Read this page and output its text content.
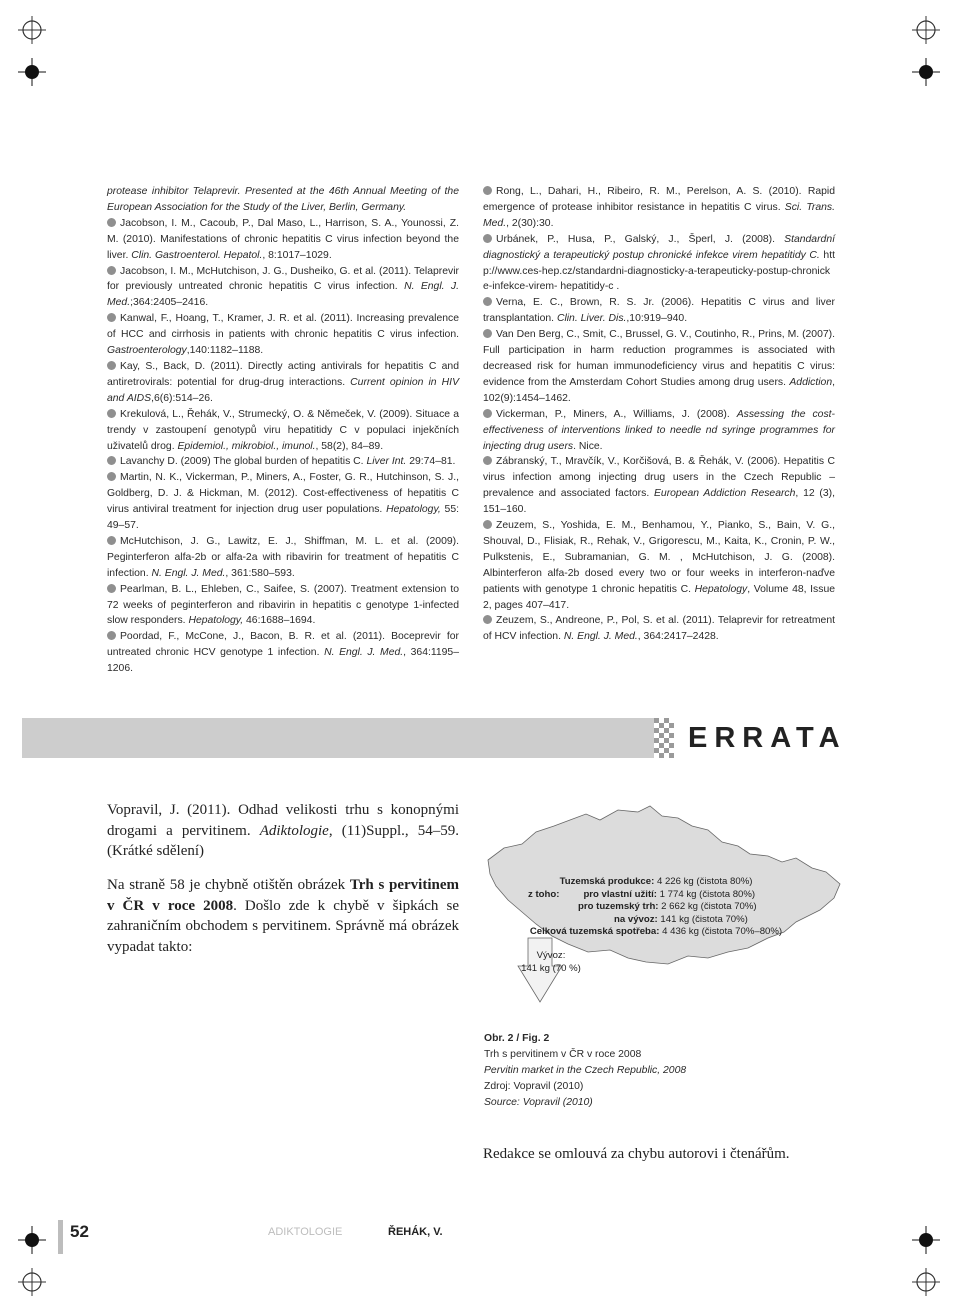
protease inhibitor Telaprevir. Presented at the 46th Annual Meeting of the European Association for the Study of the Liver, Berlin, Germany.

Jacobson, I. M., Cacoub, P., Dal Maso, L., Harrison, S. A., Younossi, Z. M. (2010). Manifestations of chronic hepatitis C virus infection beyond the liver. Clin. Gastroenterol. Hepatol., 8:1017–1029.

Jacobson, I. M., McHutchison, J. G., Dusheiko, G. et al. (2011). Telaprevir for previously untreated chronic hepatitis C virus infection. N. Engl. J. Med.;364:2405–2416.

Kanwal, F., Hoang, T., Kramer, J. R. et al. (2011). Increasing prevalence of HCC and cirrhosis in patients with chronic hepatitis C virus infection. Gastroenterology,140:1182–1188.

Kay, S., Back, D. (2011). Directly acting antivirals for hepatitis C and antiretrovirals: potential for drug-drug interactions. Current opinion in HIV and AIDS,6(6):514–26.

Krekulová, L., Řehák, V., Strumecký, O. & Němeček, V. (2009). Situace a trendy v zastoupení genotypů viru hepatitidy C v populaci injekčních uživatelů drog. Epidemiol., mikrobiol., imunol., 58(2), 84–89.

Lavanchy D. (2009) The global burden of hepatitis C. Liver Int. 29:74–81.

Martin, N. K., Vickerman, P., Miners, A., Foster, G. R., Hutchinson, S. J., Goldberg, D. J. & Hickman, M. (2012). Cost-effectiveness of hepatitis C virus antiviral treatment for injection drug user populations. Hepatology, 55: 49–57.

McHutchison, J. G., Lawitz, E. J., Shiffman, M. L. et al. (2009). Peginterferon alfa-2b or alfa-2a with ribavirin for treatment of hepatitis C infection. N. Engl. J. Med., 361:580–593.

Pearlman, B. L., Ehleben, C., Saifee, S. (2007). Treatment extension to 72 weeks of peginterferon and ribavirin in hepatitis c genotype 1-infected slow responders. Hepatology, 46:1688–1694.

Poordad, F., McCone, J., Bacon, B. R. et al. (2011). Boceprevir for untreated chronic HCV genotype 1 infection. N. Engl. J. Med., 364:1195–1206.

Rong, L., Dahari, H., Ribeiro, R. M., Perelson, A. S. (2010). Rapid emergence of protease inhibitor resistance in hepatitis C virus. Sci. Trans. Med., 2(30):30.

Urbánek, P., Husa, P., Galský, J., Šperl, J. (2008). Standardní diagnostický a terapeutický postup chronické infekce virem hepatitidy C. http://www.ces-hep.cz/standardni-diagnosticky-a-terapeuticky-postup-chronicke-infekce-virem- hepatitidy-c .

Verna, E. C., Brown, R. S. Jr. (2006). Hepatitis C virus and liver transplantation. Clin. Liver. Dis.,10:919–940.

Van Den Berg, C., Smit, C., Brussel, G. V., Coutinho, R., Prins, M. (2007). Full participation in harm reduction programmes is associated with decreased risk for human immunodeficiency virus and hepatitis C virus: evidence from the Amsterdam Cohort Studies among drug users. Addiction, 102(9):1454–1462.

Vickerman, P., Miners, A., Williams, J. (2008). Assessing the cost-effectiveness of interventions linked to needle nd syringe programmes for injecting drug users. Nice.

Zábranský, T., Mravčík, V., Korčišová, B. & Řehák, V. (2006). Hepatitis C virus infection among injecting drug users in the Czech Republic – prevalence and associated factors. European Addiction Research, 12 (3), 151–160.

Zeuzem, S., Yoshida, E. M., Benhamou, Y., Pianko, S., Bain, V. G., Shouval, D., Flisiak, R., Rehak, V., Grigorescu, M., Kaita, K., Cronin, P. W., Pulkstenis, E., Subramanian, G. M. , McHutchison, J. G. (2008). Albinterferon alfa-2b dosed every two or four weeks in interferon-naďve patients with genotype 1 chronic hepatitis C. Hepatology, Volume 48, Issue 2, pages 407–417.

Zeuzem, S., Andreone, P., Pol, S. et al. (2011). Telaprevir for retreatment of HCV infection. N. Engl. J. Med., 364:2417–2428.

ERRATA
Vopravil, J. (2011). Odhad velikosti trhu s konopnými drogami a pervitinem. Adiktologie, (11)Suppl., 54–59. (Krátké sdělení)
Na straně 58 je chybně otištěn obrázek Trh s pervitinem v ČR v roce 2008. Došlo zde k chybě v šipkách se zahraničním obchodem s pervitinem. Správně má obrázek vypadat takto:
Tuzemská produkce: 4 226 kg (čistota 80%)
z toho:	pro vlastní užití: 1 774 kg (čistota 80%)
pro tuzemský trh: 2 662 kg (čistota 70%)
na vývoz: 141 kg (čistota 70%)
Celková tuzemská spotřeba: 4 436 kg (čistota 70%–80%)
Vývoz:
141 kg (70 %)
Obr. 2 / Fig. 2
Trh s pervitinem v ČR v roce 2008
Pervitin market in the Czech Republic, 2008
Zdroj: Vopravil (2010)
Source: Vopravil (2010)
Redakce se omlouvá za chybu autorovi i čtenářům.
52	ADIKTOLOGIE	ŘEHÁK, V.
